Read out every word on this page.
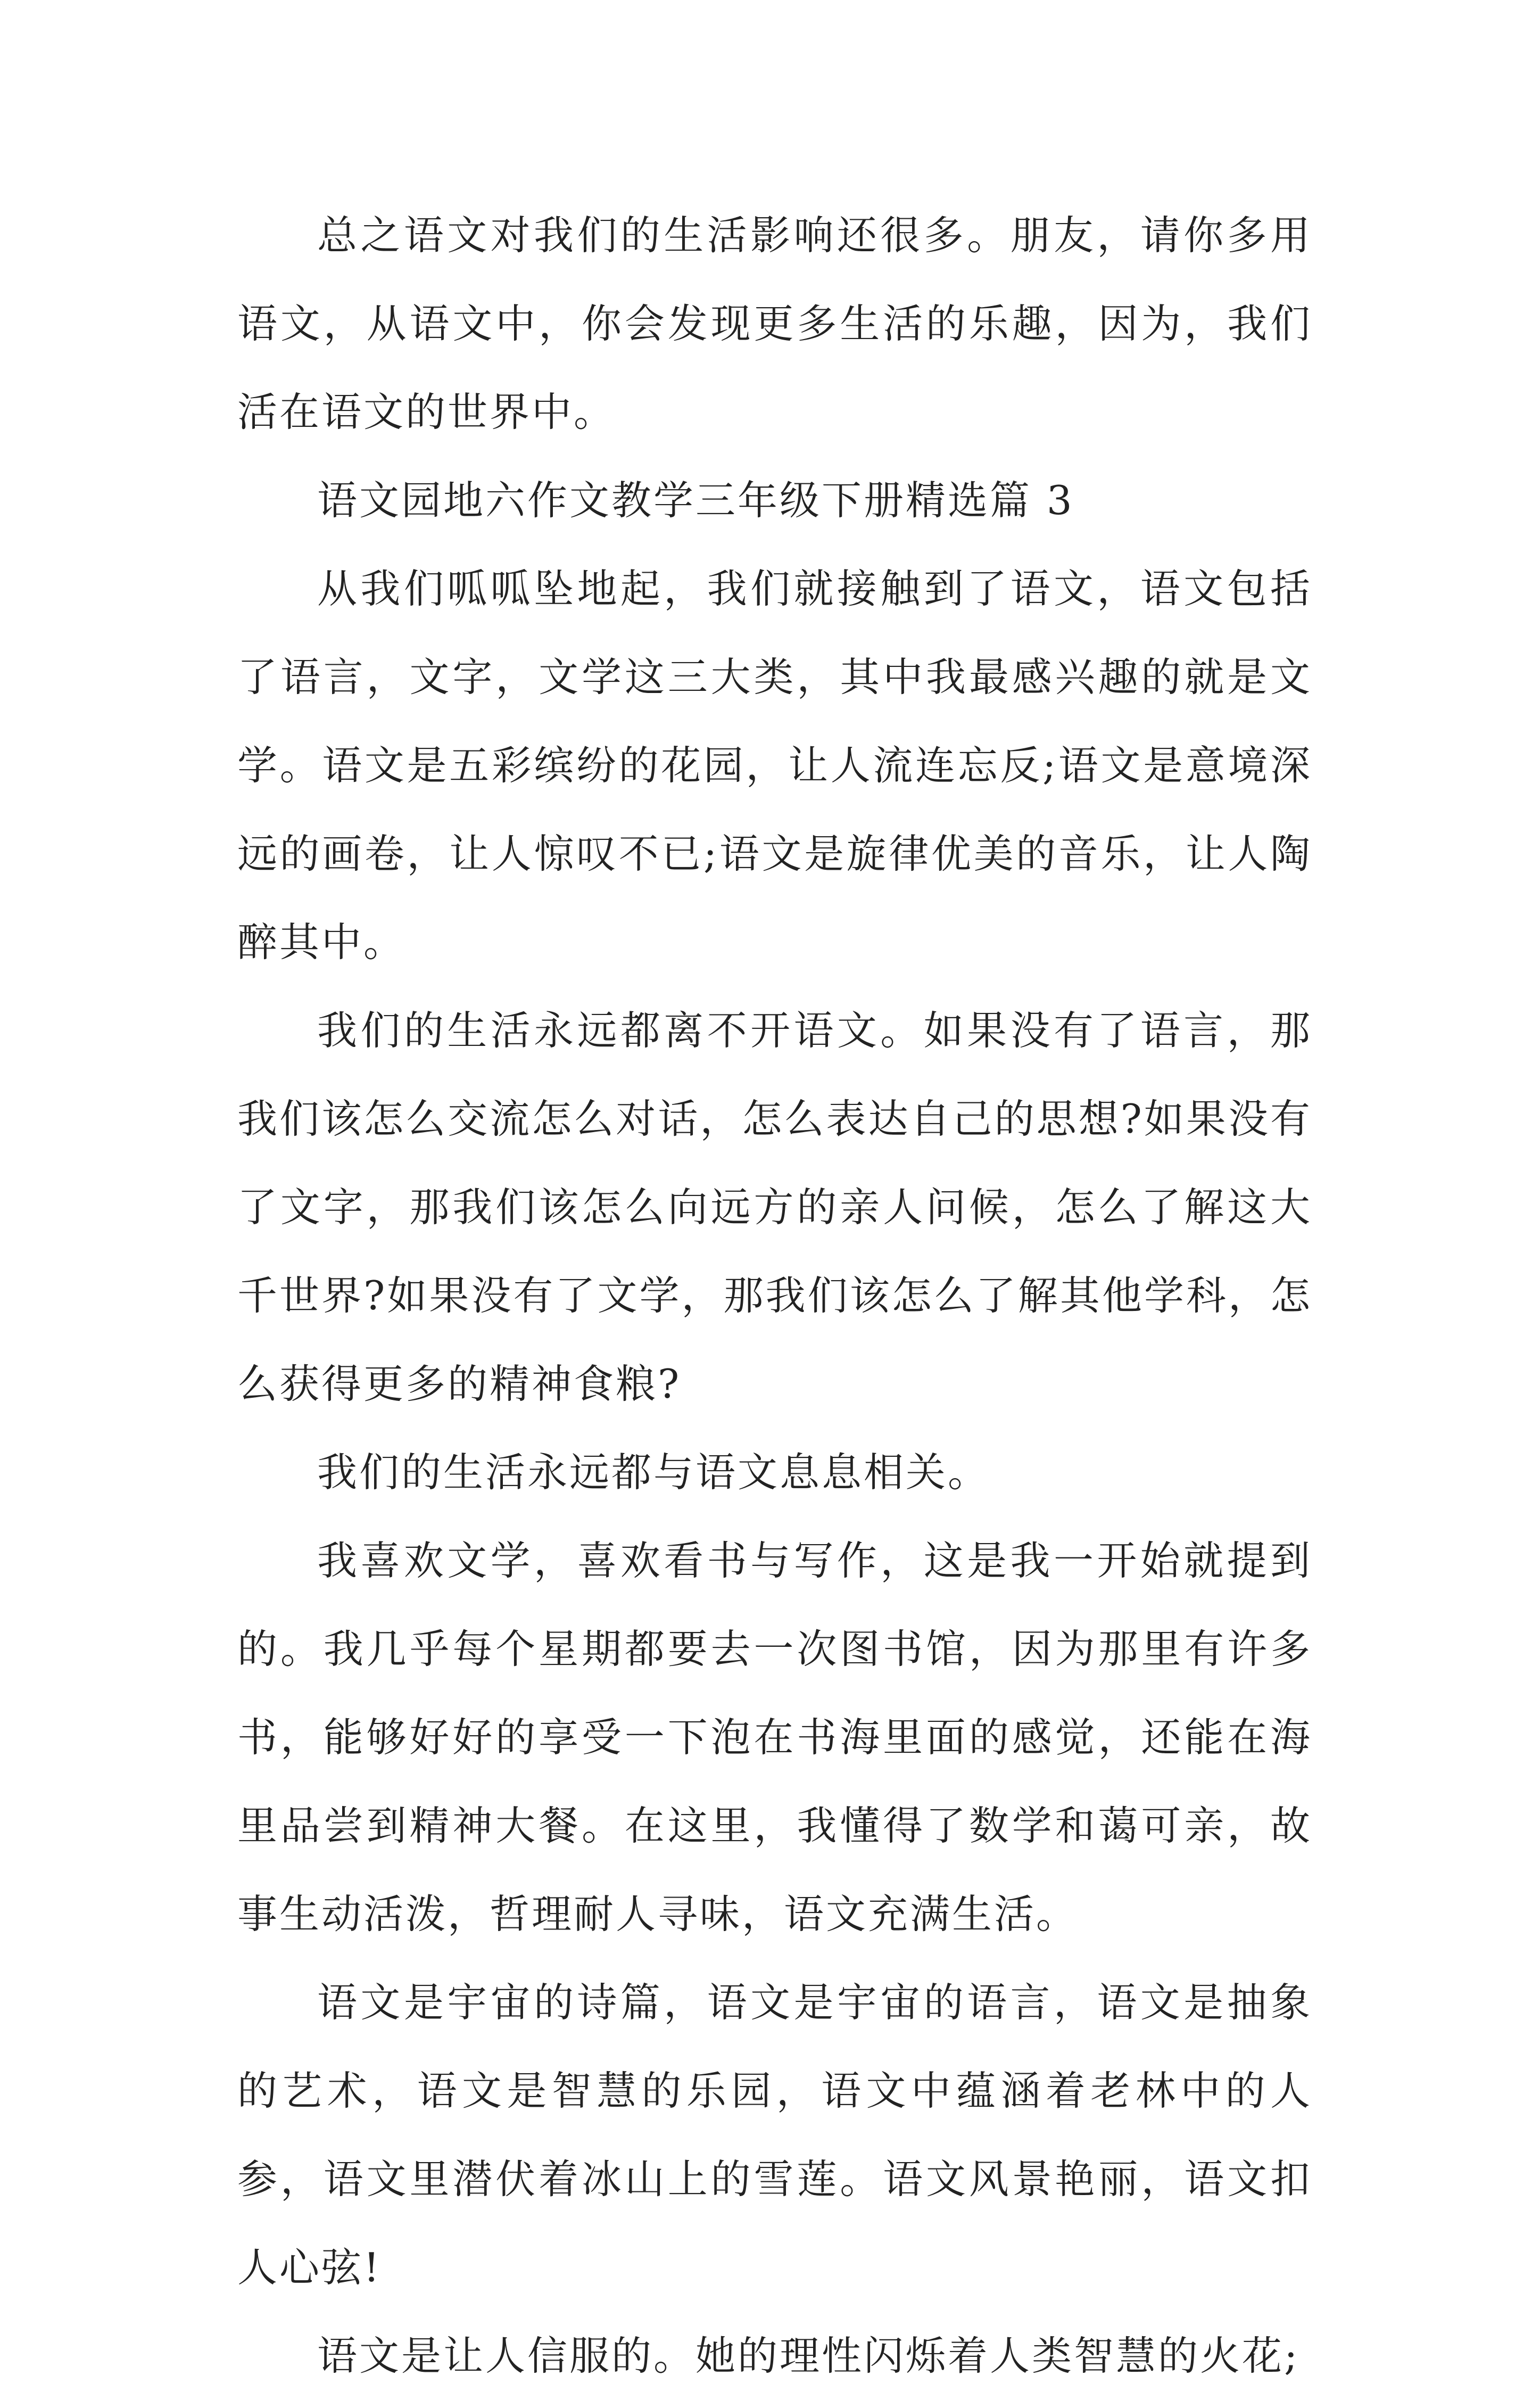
总之语文对我们的生活影响还很多。朋友，请你多用语文，从语文中，你会发现更多生活的乐趣，因为，我们活在语文的世界中。

语文园地六作文教学三年级下册精选篇 3

从我们呱呱坠地起，我们就接触到了语文，语文包括了语言，文字，文学这三大类，其中我最感兴趣的就是文学。语文是五彩缤纷的花园，让人流连忘反;语文是意境深远的画卷，让人惊叹不已;语文是旋律优美的音乐，让人陶醉其中。

我们的生活永远都离不开语文。如果没有了语言，那我们该怎么交流怎么对话，怎么表达自己的思想?如果没有了文字，那我们该怎么向远方的亲人问候，怎么了解这大千世界?如果没有了文学，那我们该怎么了解其他学科，怎么获得更多的精神食粮?

我们的生活永远都与语文息息相关。

我喜欢文学，喜欢看书与写作，这是我一开始就提到的。我几乎每个星期都要去一次图书馆，因为那里有许多书，能够好好的享受一下泡在书海里面的感觉，还能在海里品尝到精神大餐。在这里，我懂得了数学和蔼可亲，故事生动活泼，哲理耐人寻味，语文充满生活。

语文是宇宙的诗篇，语文是宇宙的语言，语文是抽象的艺术，语文是智慧的乐园，语文中蕴涵着老林中的人参，语文里潜伏着冰山上的雪莲。语文风景艳丽，语文扣人心弦!

语文是让人信服的。她的理性闪烁着人类智慧的火花;
